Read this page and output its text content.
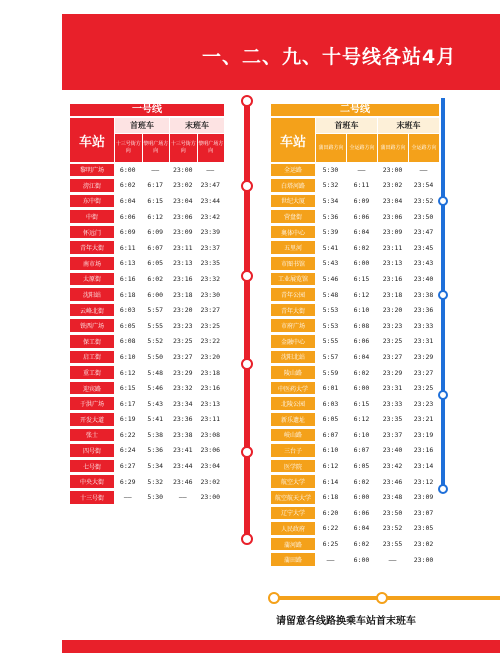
一、二、九、十号线各站4月
一号线
车站
首班车	末班车
十三号街方向
黎明广场方向
十三号街方向
黎明广场方向
黎明广场	6:00	——	23:00	——
滂江街	6:02	6:17	23:02	23:47
东中街	6:04	6:15	23:04	23:44
中街	6:06	6:12	23:06	23:42
怀远门	6:09	6:09	23:09	23:39
青年大街	6:11	6:07	23:11	23:37
南市场	6:13	6:05	23:13	23:35
太原街	6:16	6:02	23:16	23:32
沈阳站	6:18	6:00	23:18	23:30
云峰北街	6:03	5:57	23:20	23:27
铁西广场	6:05	5:55	23:23	23:25
保工街	6:08	5:52	23:25	23:22
启工街	6:10	5:50	23:27	23:20
重工街	6:12	5:48	23:29	23:18
迎宾路	6:15	5:46	23:32	23:16
于洪广场	6:17	5:43	23:34	23:13
开发大道	6:19	5:41	23:36	23:11
张士	6:22	5:38	23:38	23:08
四号街	6:24	5:36	23:41	23:06
七号街	6:27	5:34	23:44	23:04
中央大街	6:29	5:32	23:46	23:02
十三号街	——	5:30	——	23:00
二号线
车站
首班车	末班车
蒲田路方向	全运路方向	蒲田路方向	全运路方向
全运路	5:30	——	23:00	——
白塔河路	5:32	6:11	23:02	23:54
世纪大厦	5:34	6:09	23:04	23:52
营盘街	5:36	6:06	23:06	23:50
奥体中心	5:39	6:04	23:09	23:47
五里河	5:41	6:02	23:11	23:45
市图书馆	5:43	6:00	23:13	23:43
工业展览馆	5:46	6:15	23:16	23:40
青年公园	5:48	6:12	23:18	23:38
青年大街	5:53	6:10	23:20	23:36
市府广场	5:53	6:08	23:23	23:33
金融中心	5:55	6:06	23:25	23:31
沈阳北站	5:57	6:04	23:27	23:29
陵山路	5:59	6:02	23:29	23:27
中医药大学	6:01	6:00	23:31	23:25
北陵公园	6:03	6:15	23:33	23:23
新乐遗址	6:05	6:12	23:35	23:21
岐山路	6:07	6:10	23:37	23:19
三台子	6:10	6:07	23:40	23:16
医学院	6:12	6:05	23:42	23:14
航空大学	6:14	6:02	23:46	23:12
航空航天大学	6:18	6:00	23:48	23:09
辽宁大学	6:20	6:06	23:50	23:07
人民政府	6:22	6:04	23:52	23:05
蒲河路	6:25	6:02	23:55	23:02
蒲田路	——	6:00	——	23:00
请留意各线路换乘车站首末班车
